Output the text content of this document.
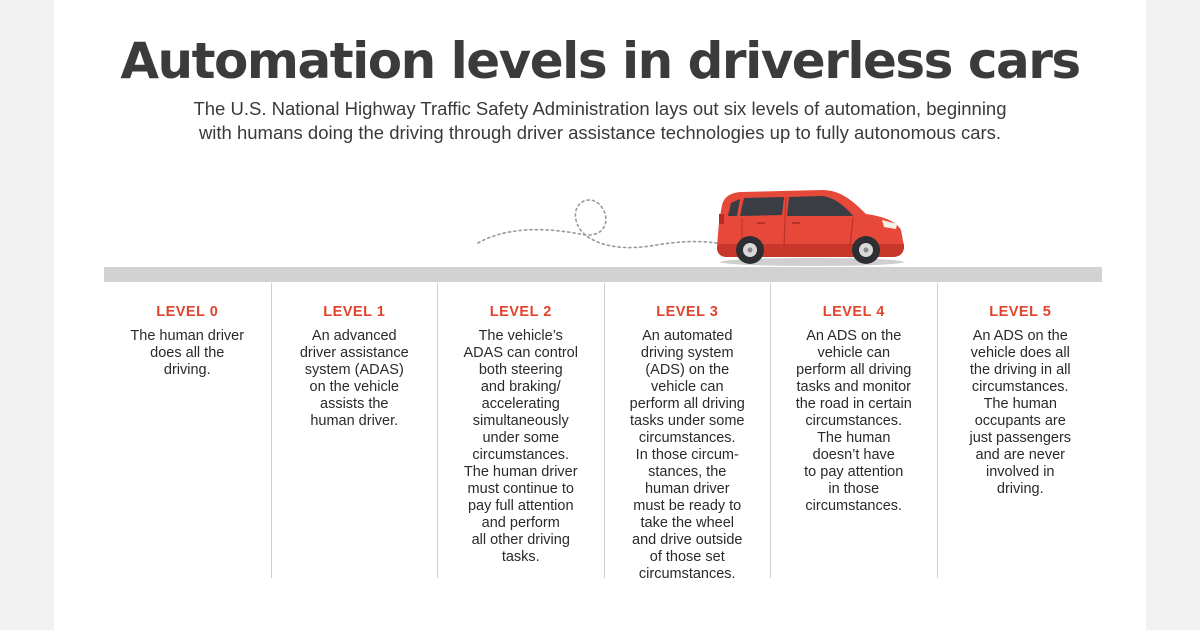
Automation levels in driverless cars

The U.S. National Highway Traffic Safety Administration lays out six levels of automation, beginning
with humans doing the driving through driver assistance technologies up to fully autonomous cars.

LEVEL 0
The human driver
does all the
driving.
LEVEL 1
An advanced
driver assistance
system (ADAS)
on the vehicle
assists the
human driver.
LEVEL 2
The vehicle’s
ADAS can control
both steering
and braking/
accelerating
simultaneously
under some
circumstances.
The human driver
must continue to
pay full attention
and perform
all other driving
tasks.
LEVEL 3
An automated
driving system
(ADS) on the
vehicle can
perform all driving
tasks under some
circumstances.
In those circum-
stances, the
human driver
must be ready to
take the wheel
and drive outside
of those set
circumstances.
LEVEL 4
An ADS on the
vehicle can
perform all driving
tasks and monitor
the road in certain
circumstances.
The human
doesn’t have
to pay attention
in those
circumstances.
LEVEL 5
An ADS on the
vehicle does all
the driving in all
circumstances.
The human
occupants are
just passengers
and are never
involved in
driving.
